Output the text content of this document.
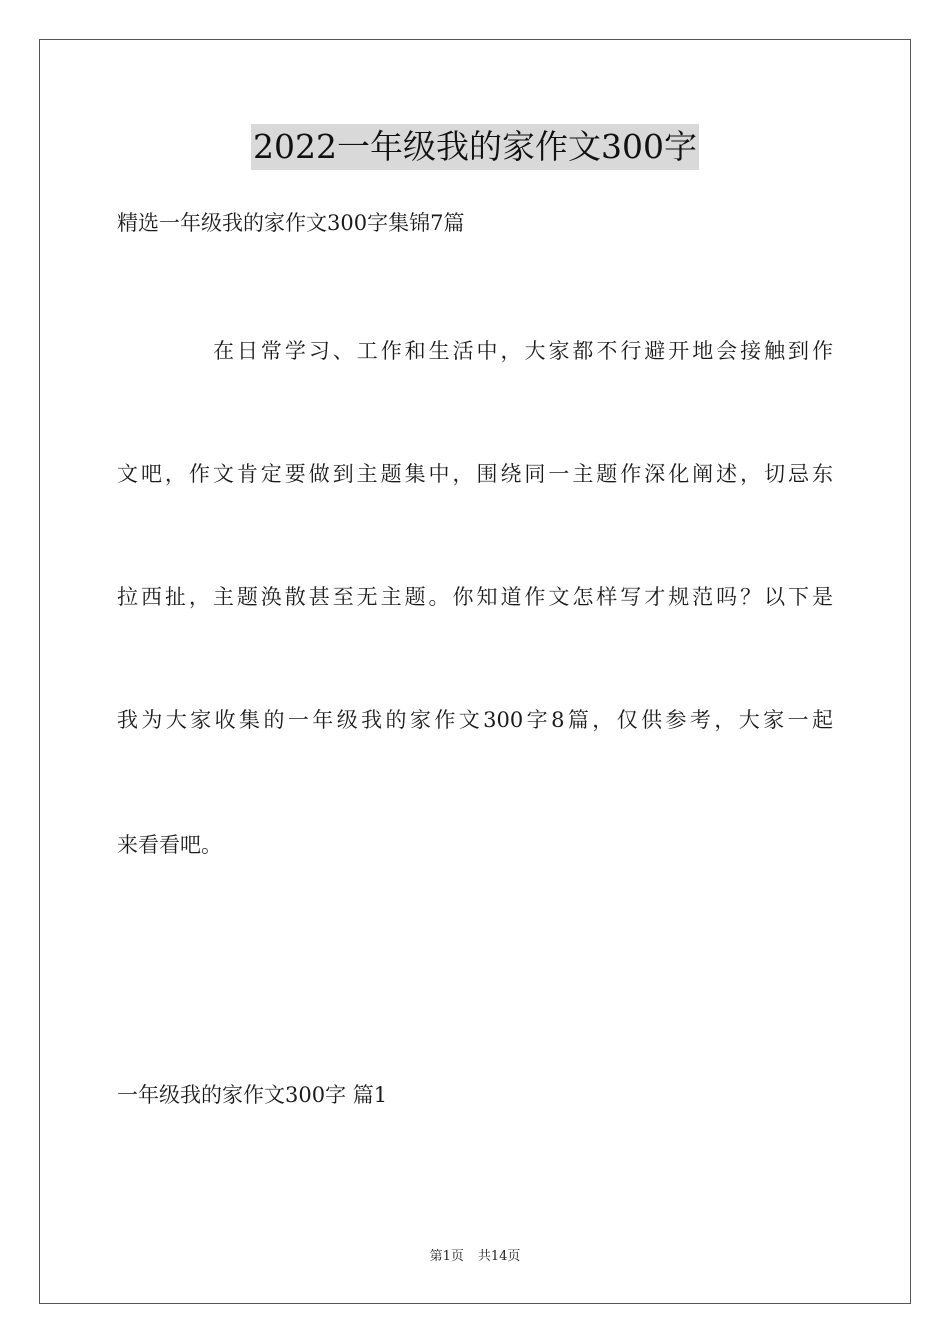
2022一年级我的家作文300字
精选一年级我的家作文300字集锦7篇
在日常学习、工作和生活中，大家都不行避开地会接触到作
文吧，作文肯定要做到主题集中，围绕同一主题作深化阐述，切忌东
拉西扯，主题涣散甚至无主题。你知道作文怎样写才规范吗？以下是
我为大家收集的一年级我的家作文300字8篇，仅供参考，大家一起
来看看吧。
一年级我的家作文300字 篇1
第1页 共14页
